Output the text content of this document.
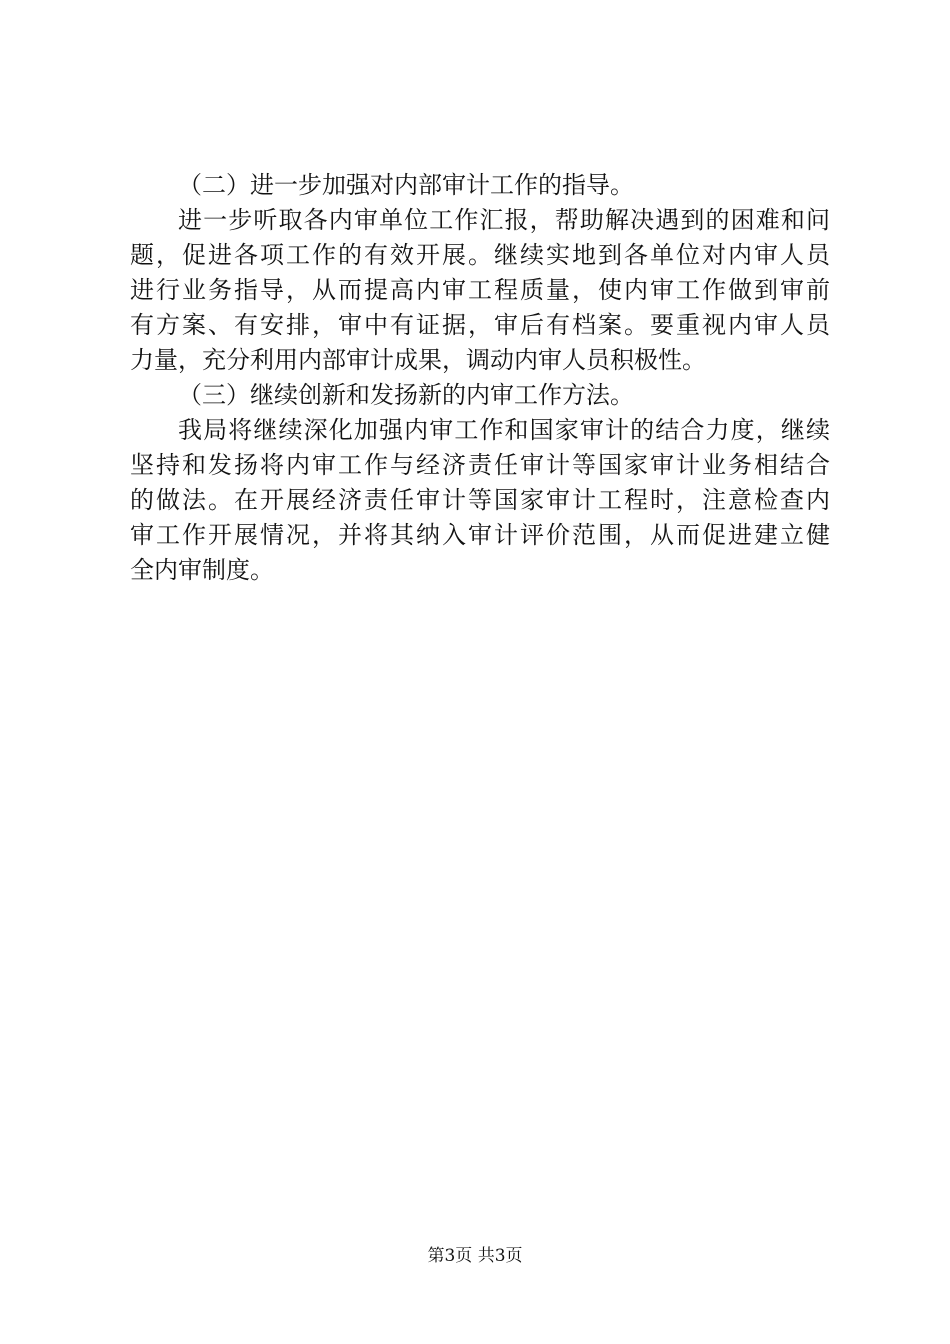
（二）进一步加强对内部审计工作的指导。
进一步听取各内审单位工作汇报，帮助解决遇到的困难和问
题，促进各项工作的有效开展。继续实地到各单位对内审人员
进行业务指导，从而提高内审工程质量，使内审工作做到审前
有方案、有安排，审中有证据，审后有档案。要重视内审人员
力量，充分利用内部审计成果，调动内审人员积极性。
（三）继续创新和发扬新的内审工作方法。
我局将继续深化加强内审工作和国家审计的结合力度，继续
坚持和发扬将内审工作与经济责任审计等国家审计业务相结合
的做法。在开展经济责任审计等国家审计工程时，注意检查内
审工作开展情况，并将其纳入审计评价范围，从而促进建立健
全内审制度。
第3页 共3页
